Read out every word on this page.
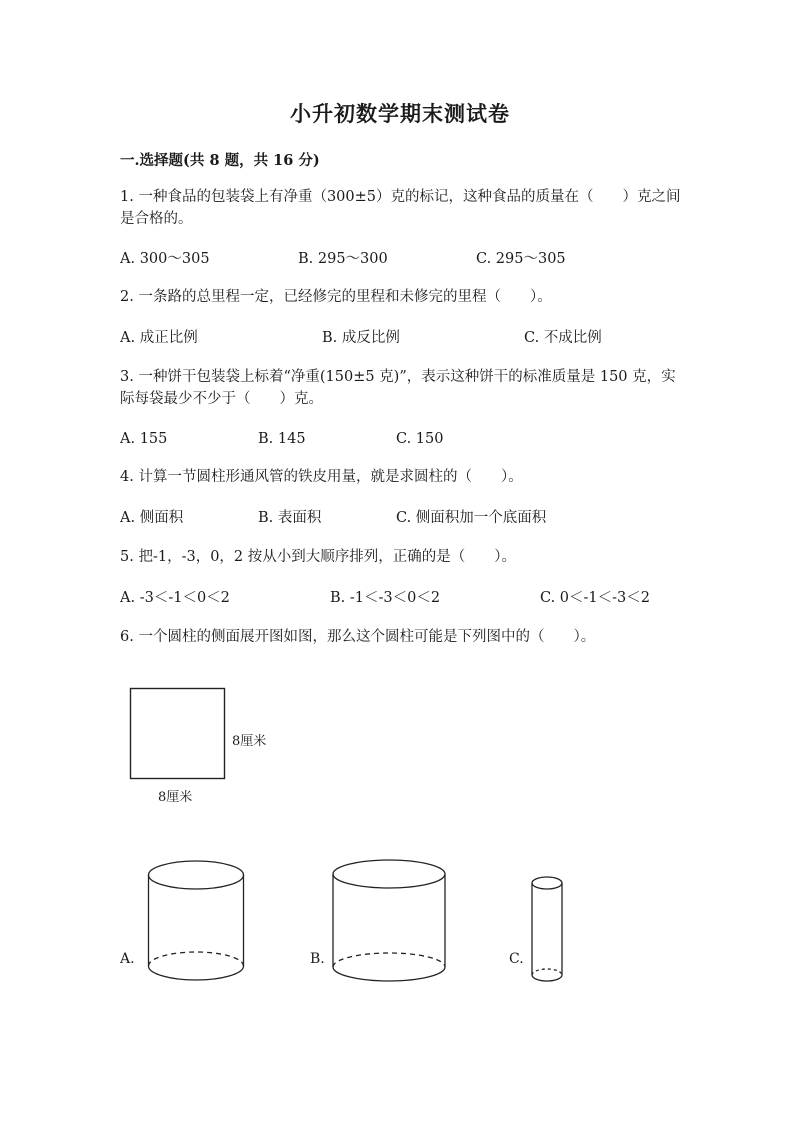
小升初数学期末测试卷
一.选择题(共 8 题，共 16 分)
1. 一种食品的包装袋上有净重（300±5）克的标记，这种食品的质量在（　　）克之间是合格的。
A. 300～305	B. 295～300	C. 295～305
2. 一条路的总里程一定，已经修完的里程和未修完的里程（　　）。
A. 成正比例	B. 成反比例	C. 不成比例
3. 一种饼干包装袋上标着“净重(150±5 克)”，表示这种饼干的标准质量是 150 克，实际每袋最少不少于（　　）克。
A. 155	B. 145	C. 150
4. 计算一节圆柱形通风管的铁皮用量，就是求圆柱的（　　）。
A. 侧面积	B. 表面积	C. 侧面积加一个底面积
5. 把-1，-3，0，2 按从小到大顺序排列，正确的是（　　）。
A. -3＜-1＜0＜2	B. -1＜-3＜0＜2	C. 0＜-1＜-3＜2
6. 一个圆柱的侧面展开图如图，那么这个圆柱可能是下列图中的（　　）。
8厘米
8厘米
A.	B.	C.
